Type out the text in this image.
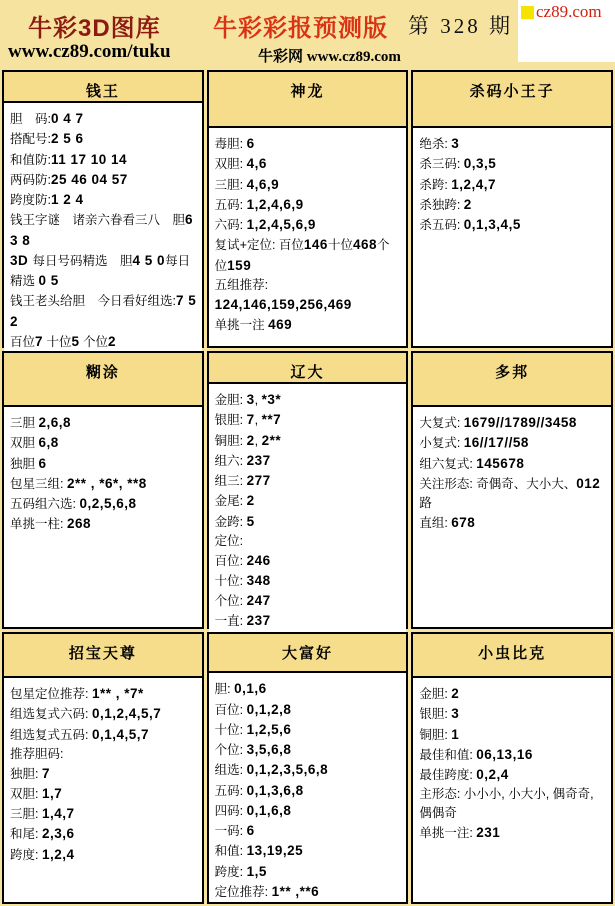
牛彩3D图库 牛彩彩报预测版 第 328 期
www.cz89.com/tuku	牛彩网 www.cz89.com
cz89.com
钱王
胆　码:0 4 7
搭配号:2 5 6
和值防:11 17 10 14
两码防:25 46 04 57
跨度防:1 2 4
钱王字谜　诸亲六眷看三八　胆6 3 8
3D 每日号码精选　胆4 5 0每日精选 0 5
钱王老头给胆　今日看好组选:7 5 2
百位7 十位5 个位2
神龙
毒胆: 6
双胆: 4,6
三胆: 4,6,9
五码: 1,2,4,6,9
六码: 1,2,4,5,6,9
复试+定位: 百位146十位468个位159
五组推荐: 124,146,159,256,469
单挑一注 469
杀码小王子
绝杀: 3
杀三码: 0,3,5
杀跨: 1,2,4,7
杀独跨: 2
杀五码: 0,1,3,4,5
糊涂
三胆 2,6,8
双胆 6,8
独胆 6
包星三组: 2** , *6*, **8
五码组六选: 0,2,5,6,8
单挑一柱: 268
辽大
金胆: 3, *3*
银胆: 7, **7
铜胆: 2, 2**
组六: 237
组三: 277
金尾: 2
金跨: 5
定位:
百位: 246
十位: 348
个位: 247
一直: 237
多邦
大复式: 1679//1789//3458
小复式: 16//17//58
组六复式: 145678
关注形态: 奇偶奇、大小大、012路
直组: 678
招宝天尊
包星定位推荐: 1** , *7*
组选复式六码: 0,1,2,4,5,7
组选复式五码: 0,1,4,5,7
推荐胆码:
独胆: 7
双胆: 1,7
三胆: 1,4,7
和尾: 2,3,6
跨度: 1,2,4
大富好
胆: 0,1,6
百位: 0,1,2,8
十位: 1,2,5,6
个位: 3,5,6,8
组选: 0,1,2,3,5,6,8
五码: 0,1,3,6,8
四码: 0,1,6,8
一码: 6
和值: 13,19,25
跨度: 1,5
定位推荐: 1** ,**6
小虫比克
金胆: 2
银胆: 3
铜胆: 1
最佳和值: 06,13,16
最佳跨度: 0,2,4
主形态: 小小小, 小大小, 偶奇奇, 偶偶奇
单挑一注: 231
